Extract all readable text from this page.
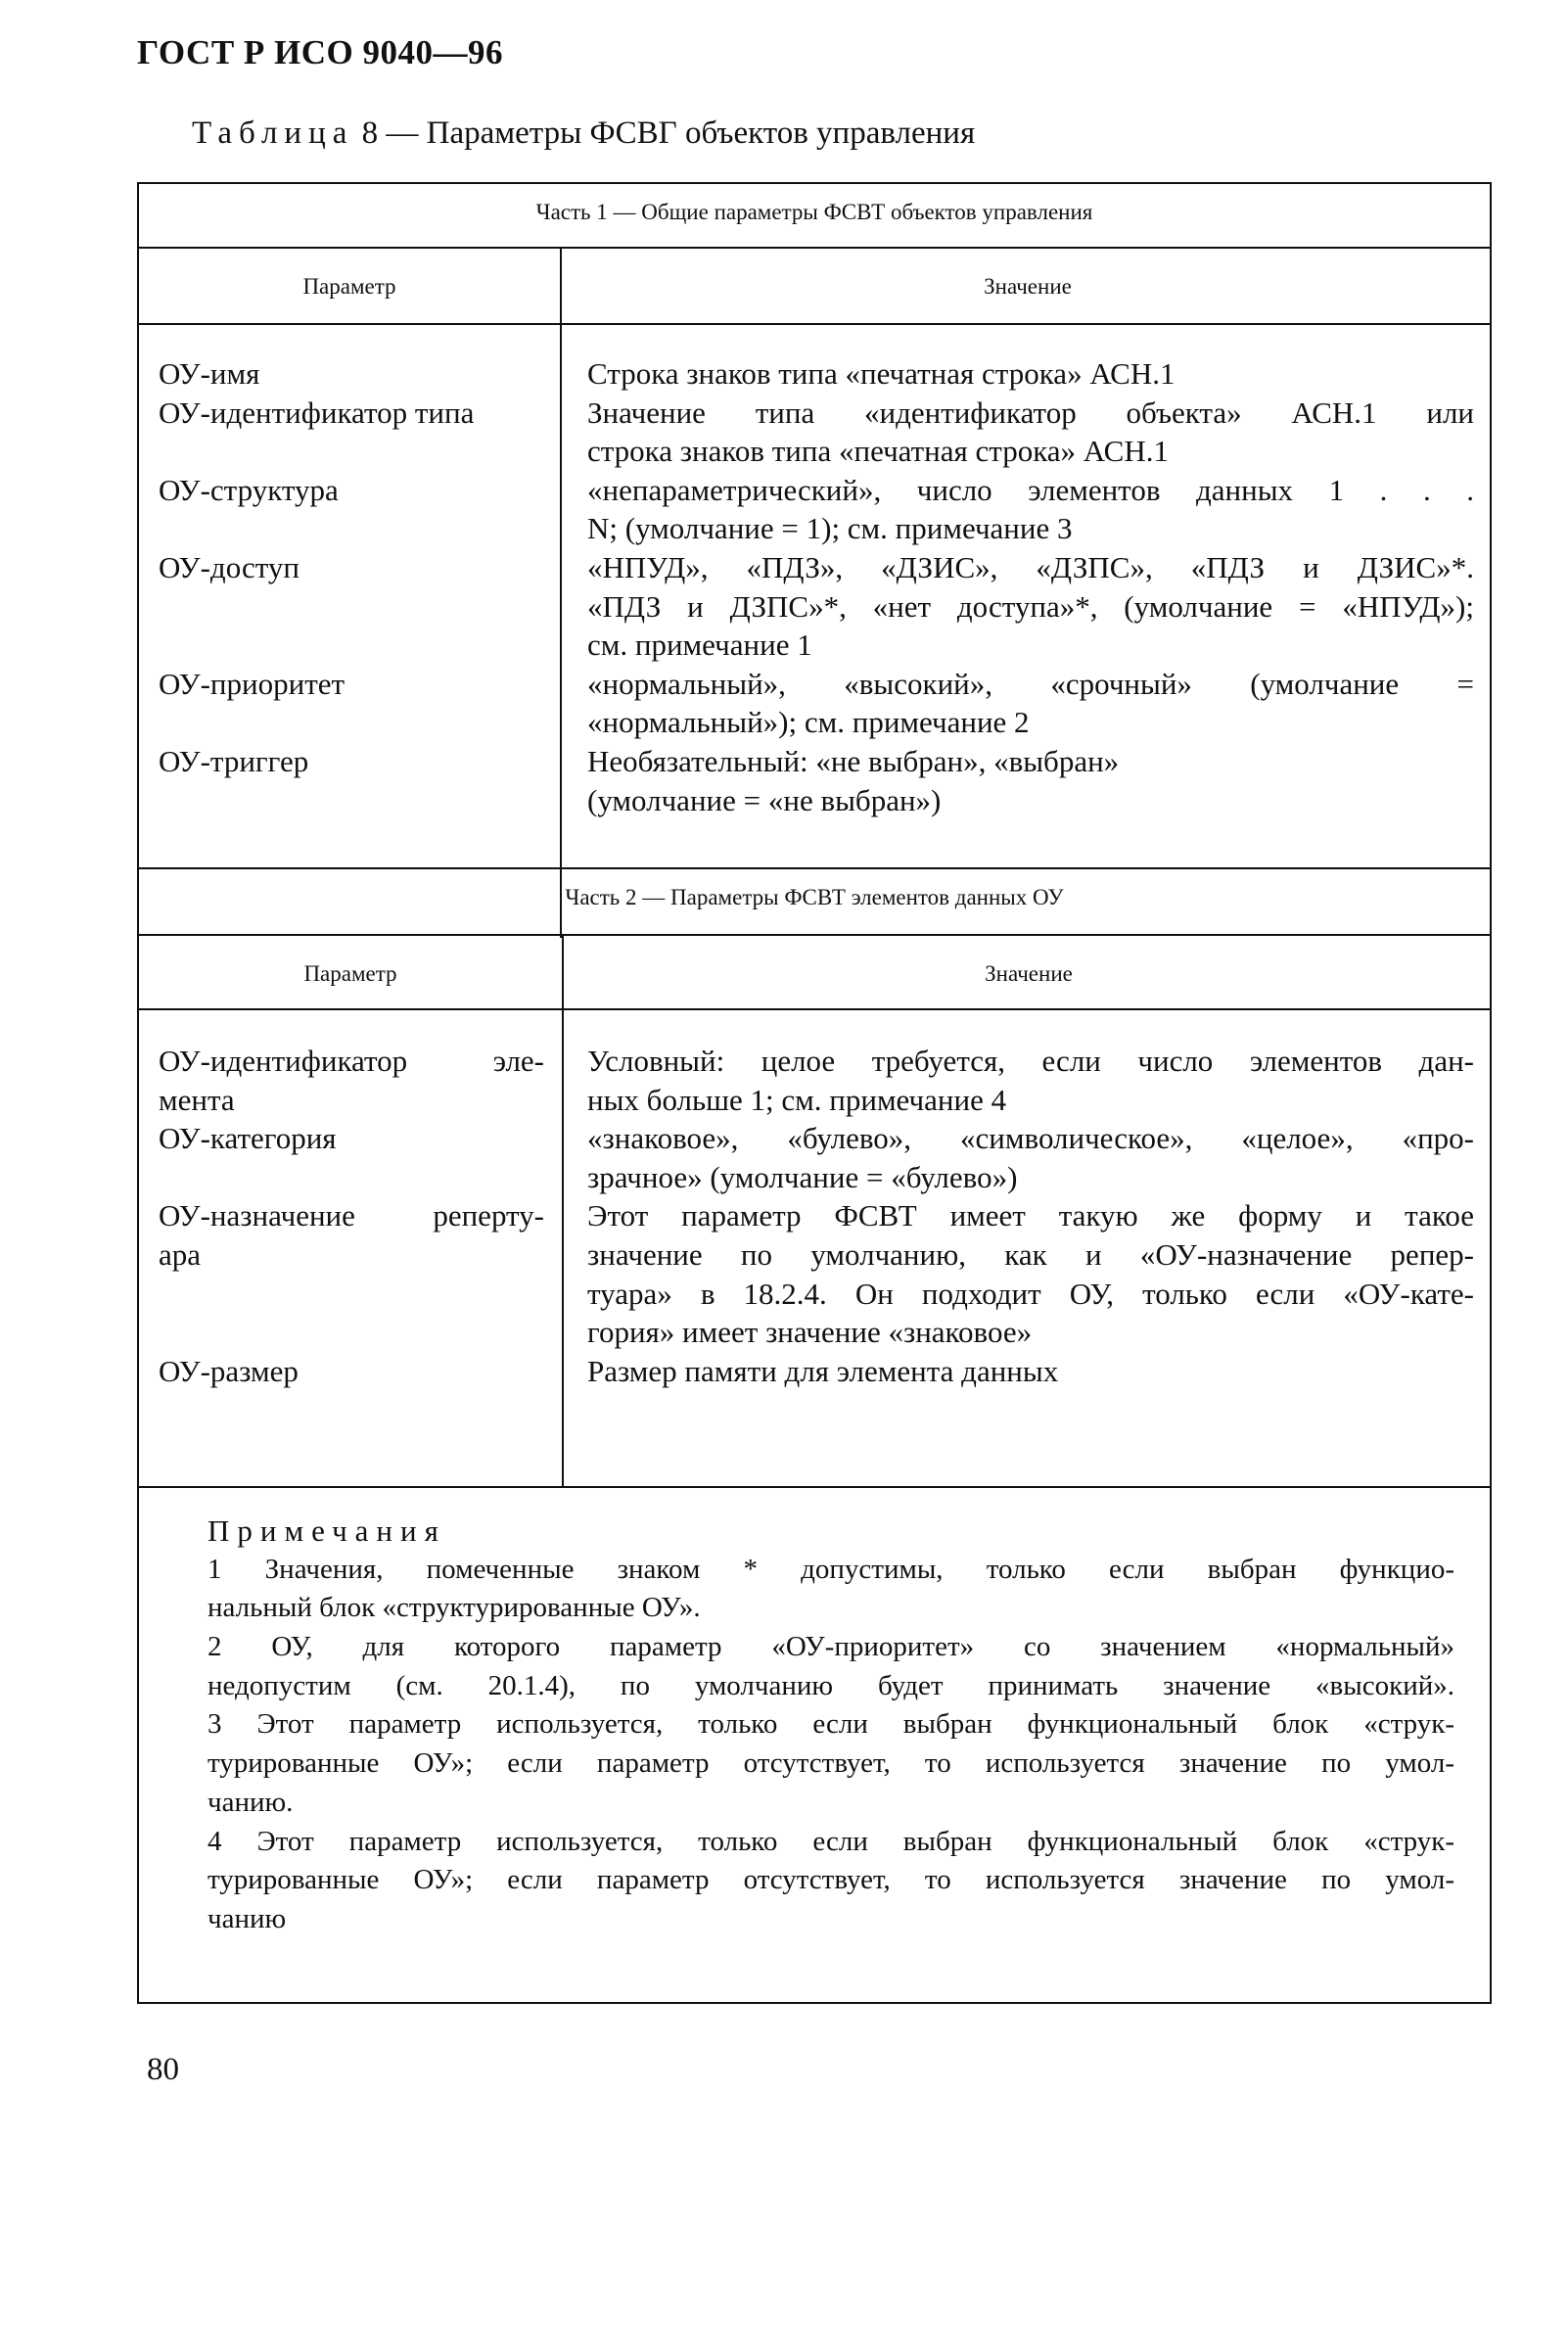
ГОСТ Р ИСО 9040—96
Таблица 8 — Параметры ФСВГ объектов управления
Часть 1 — Общие параметры ФСВТ объектов управления
Параметр	Значение
ОУ-имя
ОУ-идентификатор типа
ОУ-структура
ОУ-доступ
ОУ-приоритет
ОУ-триггер
Строка знаков типа «печатная строка» АСН.1
Значение типа «идентификатор объекта» АСН.1 или
строка знаков типа «печатная строка» АСН.1
«непараметрический», число элементов данных 1 . . .
N; (умолчание = 1); см. примечание 3
«НПУД», «ПДЗ», «ДЗИС», «ДЗПС», «ПДЗ и ДЗИС»*.
«ПДЗ и ДЗПС»*, «нет доступа»*, (умолчание = «НПУД»);
см. примечание 1
«нормальный», «высокий», «срочный» (умолчание =
«нормальный»); см. примечание 2
Необязательный: «не выбран», «выбран»
(умолчание = «не выбран»)
Часть 2 — Параметры ФСВТ элементов данных ОУ
Параметр	Значение
ОУ-идентификатор эле-
мента
ОУ-категория
ОУ-назначение реперту-
ара
ОУ-размер
Условный: целое требуется, если число элементов дан-
ных больше 1; см. примечание 4
«знаковое», «булево», «символическое», «целое», «про-
зрачное» (умолчание = «булево»)
Этот параметр ФСВТ имеет такую же форму и такое
значение по умолчанию, как и «ОУ-назначение репер-
туара» в 18.2.4. Он подходит ОУ, только если «ОУ-кате-
гория» имеет значение «знаковое»
Размер памяти для элемента данных
Примечания
1 Значения, помеченные знаком * допустимы, только если выбран функцио-
нальный блок «структурированные ОУ».
2 ОУ, для которого параметр «ОУ-приоритет» со значением «нормальный»
недопустим (см. 20.1.4), по умолчанию будет принимать значение «высокий».
3 Этот параметр используется, только если выбран функциональный блок «струк-
турированные ОУ»; если параметр отсутствует, то используется значение по умол-
чанию.
4 Этот параметр используется, только если выбран функциональный блок «струк-
турированные ОУ»; если параметр отсутствует, то используется значение по умол-
чанию
80
